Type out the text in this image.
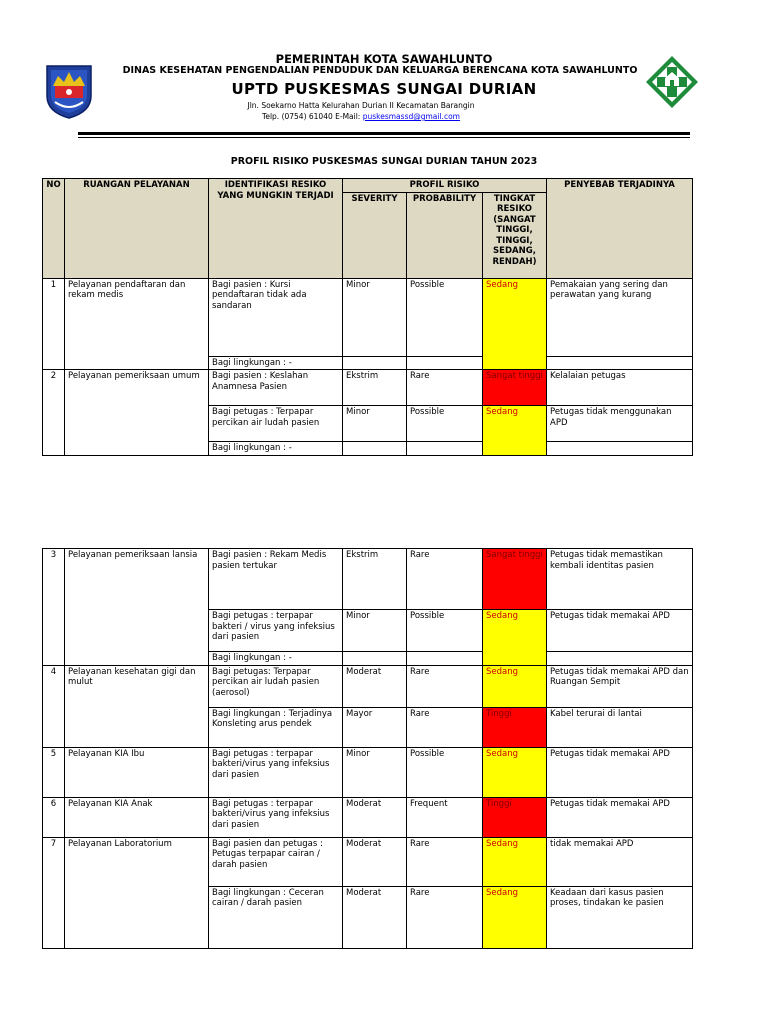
PEMERINTAH KOTA SAWAHLUNTO
DINAS KESEHATAN PENGENDALIAN PENDUDUK DAN KELUARGA BERENCANA KOTA SAWAHLUNTO
UPTD PUSKESMAS SUNGAI DURIAN
Jln. Soekarno Hatta Kelurahan Durian II Kecamatan Barangin
Telp. (0754) 61040 E-Mail: puskesmassd@gmail.com
PROFIL RISIKO PUSKESMAS SUNGAI DURIAN TAHUN 2023
NO	RUANGAN PELAYANAN	IDENTIFIKASI RESIKO YANG MUNGKIN TERJADI	PROFIL RISIKO			PENYEBAB TERJADINYA
			SEVERITY	PROBABILITY	TINGKAT RESIKO (SANGAT TINGGI, TINGGI, SEDANG, RENDAH)	
1	Pelayanan pendaftaran dan rekam medis	Bagi pasien : Kursi pendaftaran tidak ada sandaran	Minor	Possible	Sedang	Pemakaian yang sering dan perawatan yang kurang
		Bagi lingkungan : -				
2	Pelayanan pemeriksaan umum	Bagi pasien : Keslahan Anamnesa Pasien	Ekstrim	Rare	Sangat tinggi	Kelalaian petugas
		Bagi petugas : Terpapar percikan air ludah pasien	Minor	Possible	Sedang	Petugas tidak menggunakan APD
		Bagi lingkungan : -				
3	Pelayanan pemeriksaan lansia	Bagi pasien : Rekam Medis pasien tertukar	Ekstrim	Rare	Sangat tinggi	Petugas tidak memastikan kembali identitas pasien
		Bagi petugas : terpapar bakteri / virus yang infeksius dari pasien	Minor	Possible	Sedang	Petugas tidak memakai APD
		Bagi lingkungan : -				
4	Pelayanan kesehatan gigi dan mulut	Bagi petugas: Terpapar percikan air ludah pasien (aerosol)	Moderat	Rare	Sedang	Petugas tidak memakai APD dan Ruangan Sempit
		Bagi lingkungan : Terjadinya Konsleting arus pendek	Mayor	Rare	Tinggi	Kabel terurai di lantai
5	Pelayanan KIA Ibu	Bagi petugas : terpapar bakteri/virus yang infeksius dari pasien	Minor	Possible	Sedang	Petugas tidak memakai APD
6	Pelayanan KIA Anak	Bagi petugas : terpapar bakteri/virus yang infeksius dari pasien	Moderat	Frequent	Tinggi	Petugas tidak memakai APD
7	Pelayanan Laboratorium	Bagi pasien dan petugas : Petugas terpapar cairan / darah pasien	Moderat	Rare	Sedang	tidak memakai APD
		Bagi lingkungan : Ceceran cairan / darah pasien	Moderat	Rare	Sedang	Keadaan dari kasus pasien proses, tindakan ke pasien
